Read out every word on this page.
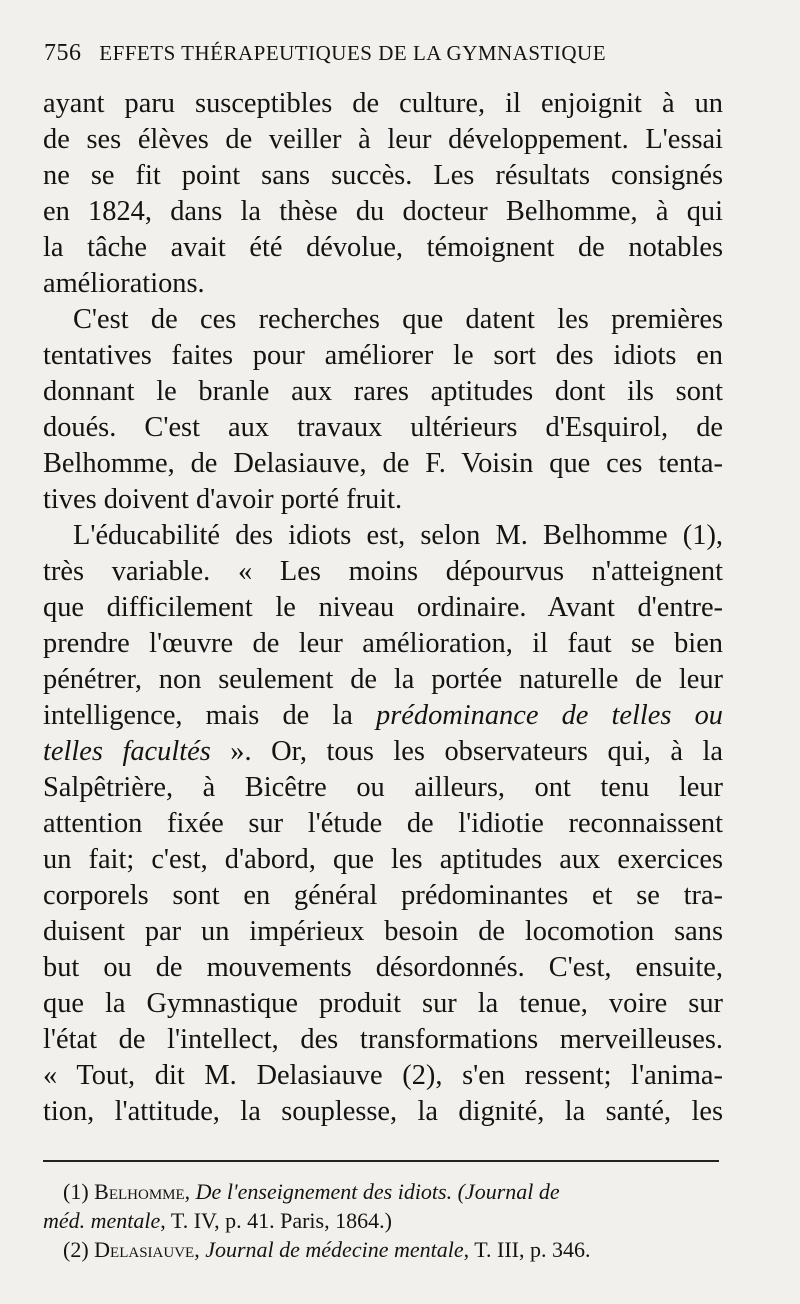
756 EFFETS THÉRAPEUTIQUES DE LA GYMNASTIQUE
ayant paru susceptibles de culture, il enjoignit à un
de ses élèves de veiller à leur développement. L'essai
ne se fit point sans succès. Les résultats consignés
en 1824, dans la thèse du docteur Belhomme, à qui
la tâche avait été dévolue, témoignent de notables
améliorations.
C'est de ces recherches que datent les premières
tentatives faites pour améliorer le sort des idiots en
donnant le branle aux rares aptitudes dont ils sont
doués. C'est aux travaux ultérieurs d'Esquirol, de
Belhomme, de Delasiauve, de F. Voisin que ces tenta-
tives doivent d'avoir porté fruit.
L'éducabilité des idiots est, selon M. Belhomme (1),
très variable. « Les moins dépourvus n'atteignent
que difficilement le niveau ordinaire. Avant d'entre-
prendre l'œuvre de leur amélioration, il faut se bien
pénétrer, non seulement de la portée naturelle de leur
intelligence, mais de la prédominance de telles ou
telles facultés ». Or, tous les observateurs qui, à la
Salpêtrière, à Bicêtre ou ailleurs, ont tenu leur
attention fixée sur l'étude de l'idiotie reconnaissent
un fait; c'est, d'abord, que les aptitudes aux exercices
corporels sont en général prédominantes et se tra-
duisent par un impérieux besoin de locomotion sans
but ou de mouvements désordonnés. C'est, ensuite,
que la Gymnastique produit sur la tenue, voire sur
l'état de l'intellect, des transformations merveilleuses.
« Tout, dit M. Delasiauve (2), s'en ressent; l'anima-
tion, l'attitude, la souplesse, la dignité, la santé, les
(1) Belhomme, De l'enseignement des idiots. (Journal de
méd. mentale, T. IV, p. 41. Paris, 1864.)
(2) Delasiauve, Journal de médecine mentale, T. III, p. 346.
